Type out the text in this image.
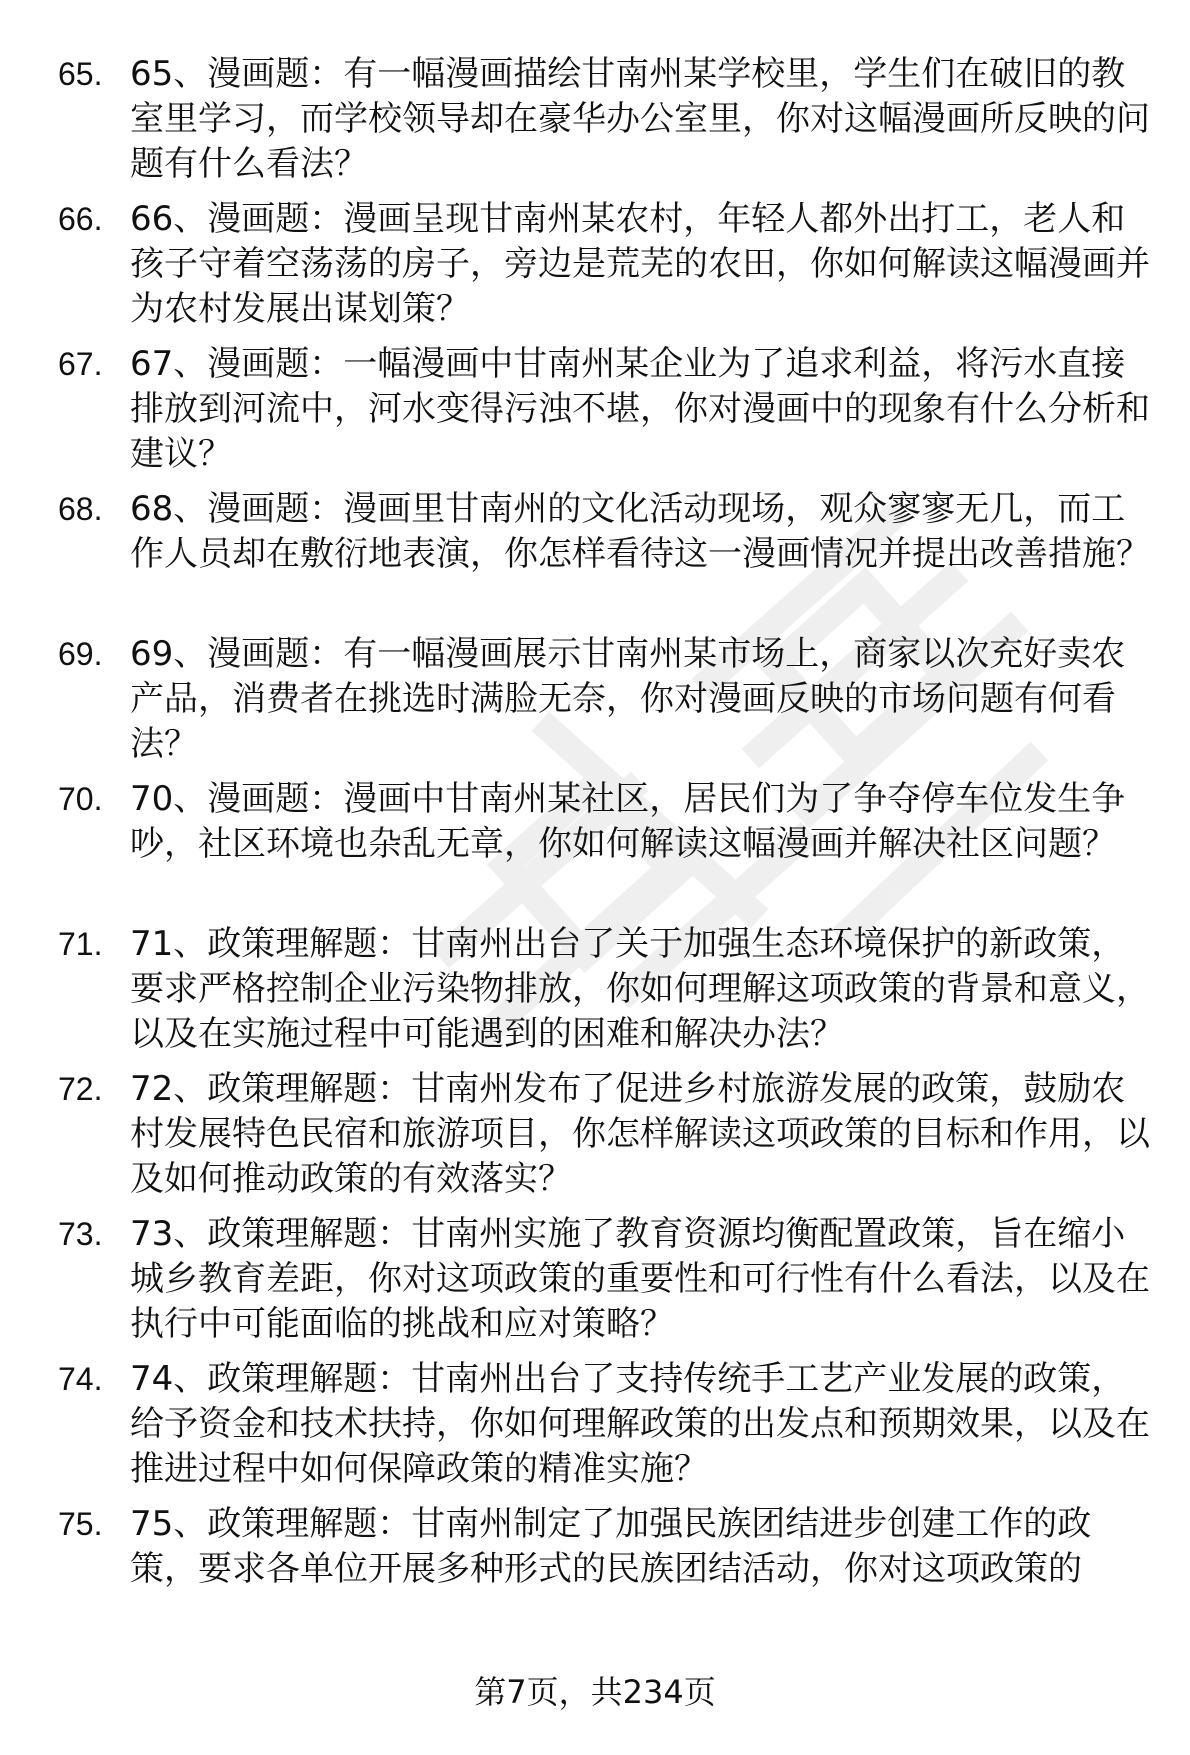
65. 65、漫画题：有一幅漫画描绘甘南州某学校里，学生们在破旧的教室里学习，而学校领导却在豪华办公室里，你对这幅漫画所反映的问题有什么看法？
66. 66、漫画题：漫画呈现甘南州某农村，年轻人都外出打工，老人和孩子守着空荡荡的房子，旁边是荒芜的农田，你如何解读这幅漫画并为农村发展出谋划策？
67. 67、漫画题：一幅漫画中甘南州某企业为了追求利益，将污水直接排放到河流中，河水变得污浊不堪，你对漫画中的现象有什么分析和建议？
68. 68、漫画题：漫画里甘南州的文化活动现场，观众寥寥无几，而工作人员却在敷衍地表演，你怎样看待这一漫画情况并提出改善措施？
69. 69、漫画题：有一幅漫画展示甘南州某市场上，商家以次充好卖农产品，消费者在挑选时满脸无奈，你对漫画反映的市场问题有何看法？
70. 70、漫画题：漫画中甘南州某社区，居民们为了争夺停车位发生争吵，社区环境也杂乱无章，你如何解读这幅漫画并解决社区问题？
71. 71、政策理解题：甘南州出台了关于加强生态环境保护的新政策，要求严格控制企业污染物排放，你如何理解这项政策的背景和意义，以及在实施过程中可能遇到的困难和解决办法？
72. 72、政策理解题：甘南州发布了促进乡村旅游发展的政策，鼓励农村发展特色民宿和旅游项目，你怎样解读这项政策的目标和作用，以及如何推动政策的有效落实？
73. 73、政策理解题：甘南州实施了教育资源均衡配置政策，旨在缩小城乡教育差距，你对这项政策的重要性和可行性有什么看法，以及在执行中可能面临的挑战和应对策略？
74. 74、政策理解题：甘南州出台了支持传统手工艺产业发展的政策，给予资金和技术扶持，你如何理解政策的出发点和预期效果，以及在推进过程中如何保障政策的精准实施？
75. 75、政策理解题：甘南州制定了加强民族团结进步创建工作的政策，要求各单位开展多种形式的民族团结活动，你对这项政策的
第7页，共234页
